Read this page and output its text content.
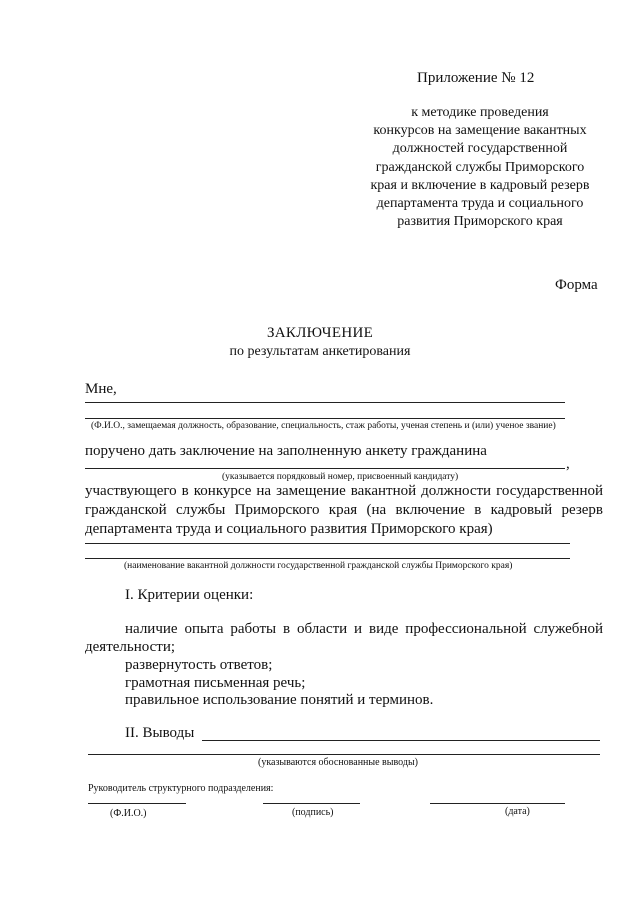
Приложение № 12
к методике проведения
конкурсов на замещение вакантных
должностей государственной
гражданской службы Приморского
края и включение в кадровый резерв
департамента труда и социального
развития Приморского края
Форма
ЗАКЛЮЧЕНИЕ
по результатам анкетирования
Мне,
(Ф.И.О., замещаемая должность, образование, специальность, стаж работы, ученая степень и (или) ученое звание)
поручено дать заключение на заполненную анкету гражданина
,
(указывается порядковый номер, присвоенный кандидату)
участвующего в конкурсе на замещение вакантной должности государственной гражданской службы Приморского края (на включение в кадровый резерв департамента труда и социального развития Приморского края)
(наименование вакантной должности государственной гражданской службы Приморского края)
I. Критерии оценки:
наличие опыта работы в области и виде профессиональной служебной
деятельности;
развернутость ответов;
грамотная письменная речь;
правильное использование понятий и терминов.
II. Выводы
(указываются обоснованные выводы)
Руководитель структурного подразделения:
(Ф.И.О.)	(подпись)	(дата)
